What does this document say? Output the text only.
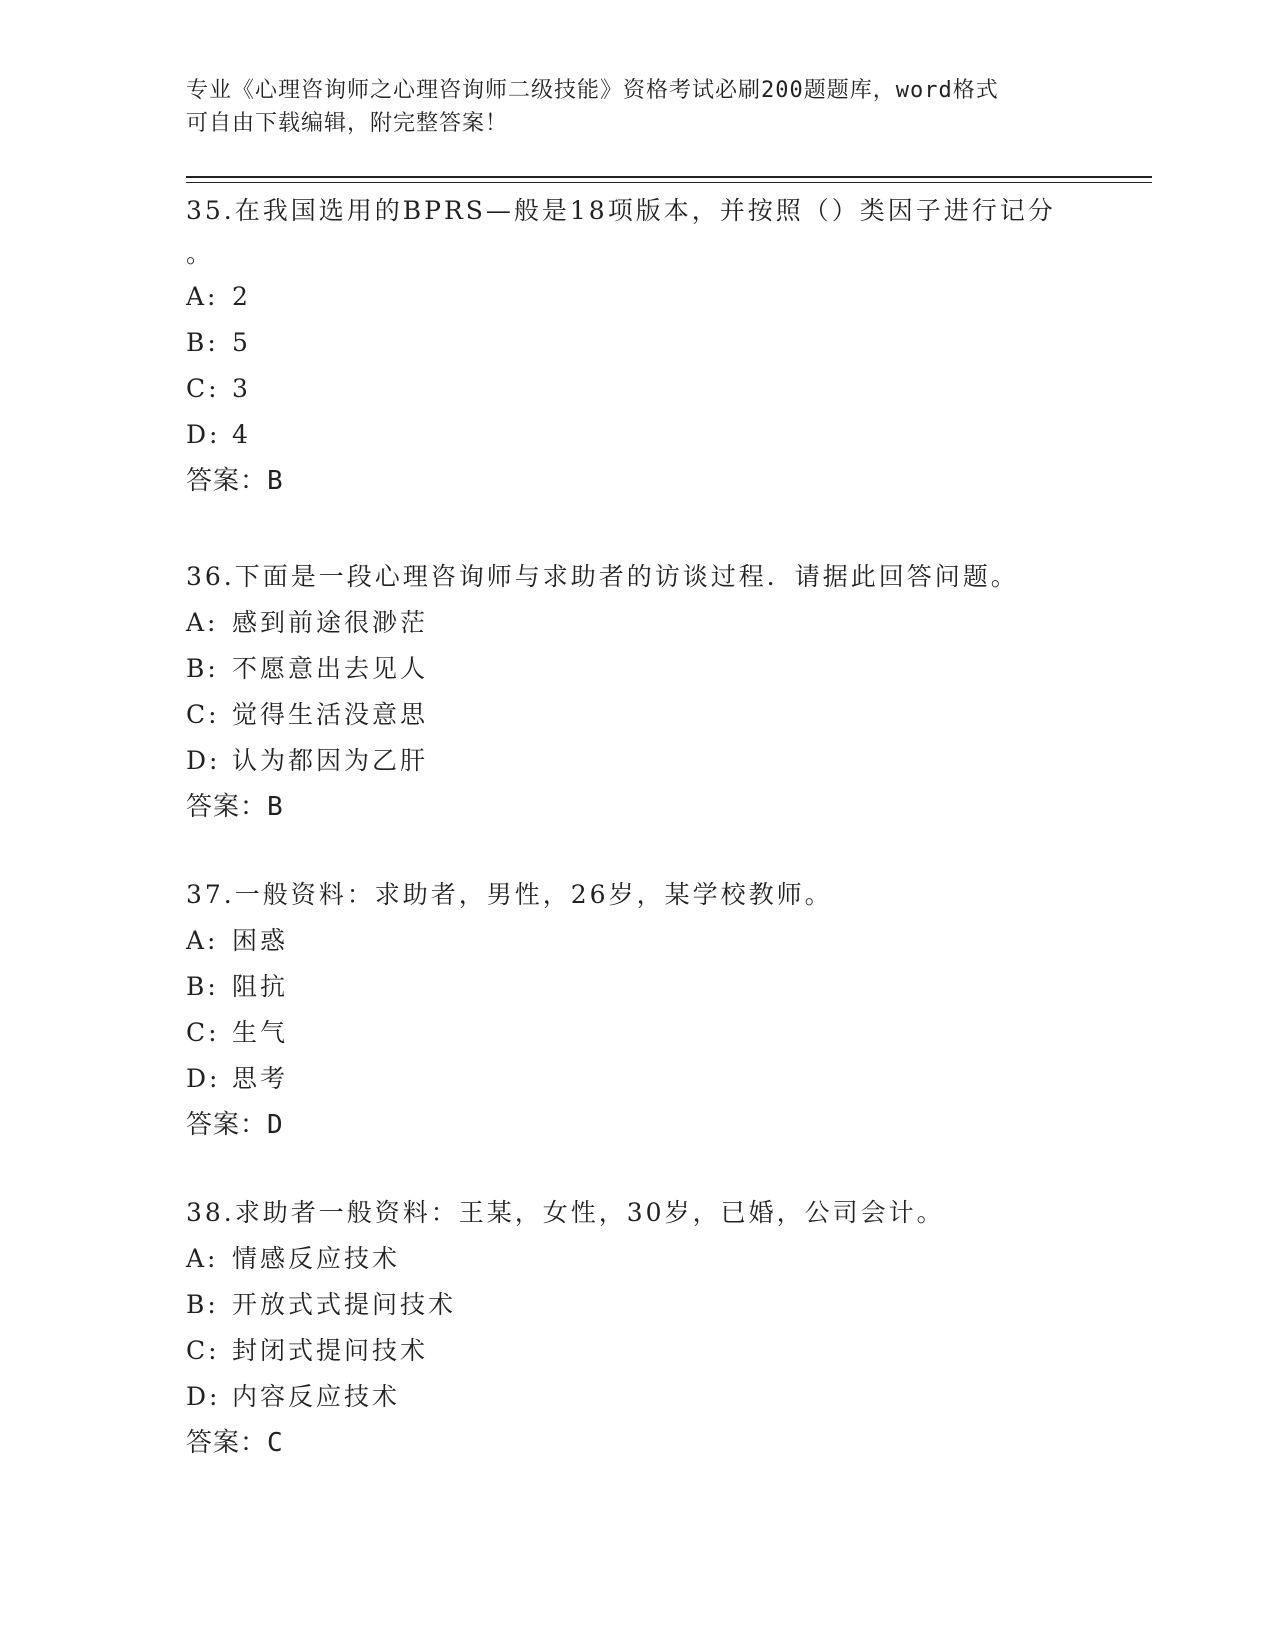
专业《心理咨询师之心理咨询师二级技能》资格考试必刷200题题库，word格式
可自由下载编辑，附完整答案！
35.在我国选用的BPRS—般是18项版本，并按照（）类因子进行记分
。
A: 2
B: 5
C: 3
D: 4
答案：B
36.下面是一段心理咨询师与求助者的访谈过程．请据此回答问题。
A: 感到前途很渺茫
B: 不愿意出去见人
C: 觉得生活没意思
D: 认为都因为乙肝
答案：B
37.一般资料：求助者，男性，26岁，某学校教师。
A: 困惑
B: 阻抗
C: 生气
D: 思考
答案：D
38.求助者一般资料：王某，女性，30岁，已婚，公司会计。
A: 情感反应技术
B: 开放式式提问技术
C: 封闭式提问技术
D: 内容反应技术
答案：C
